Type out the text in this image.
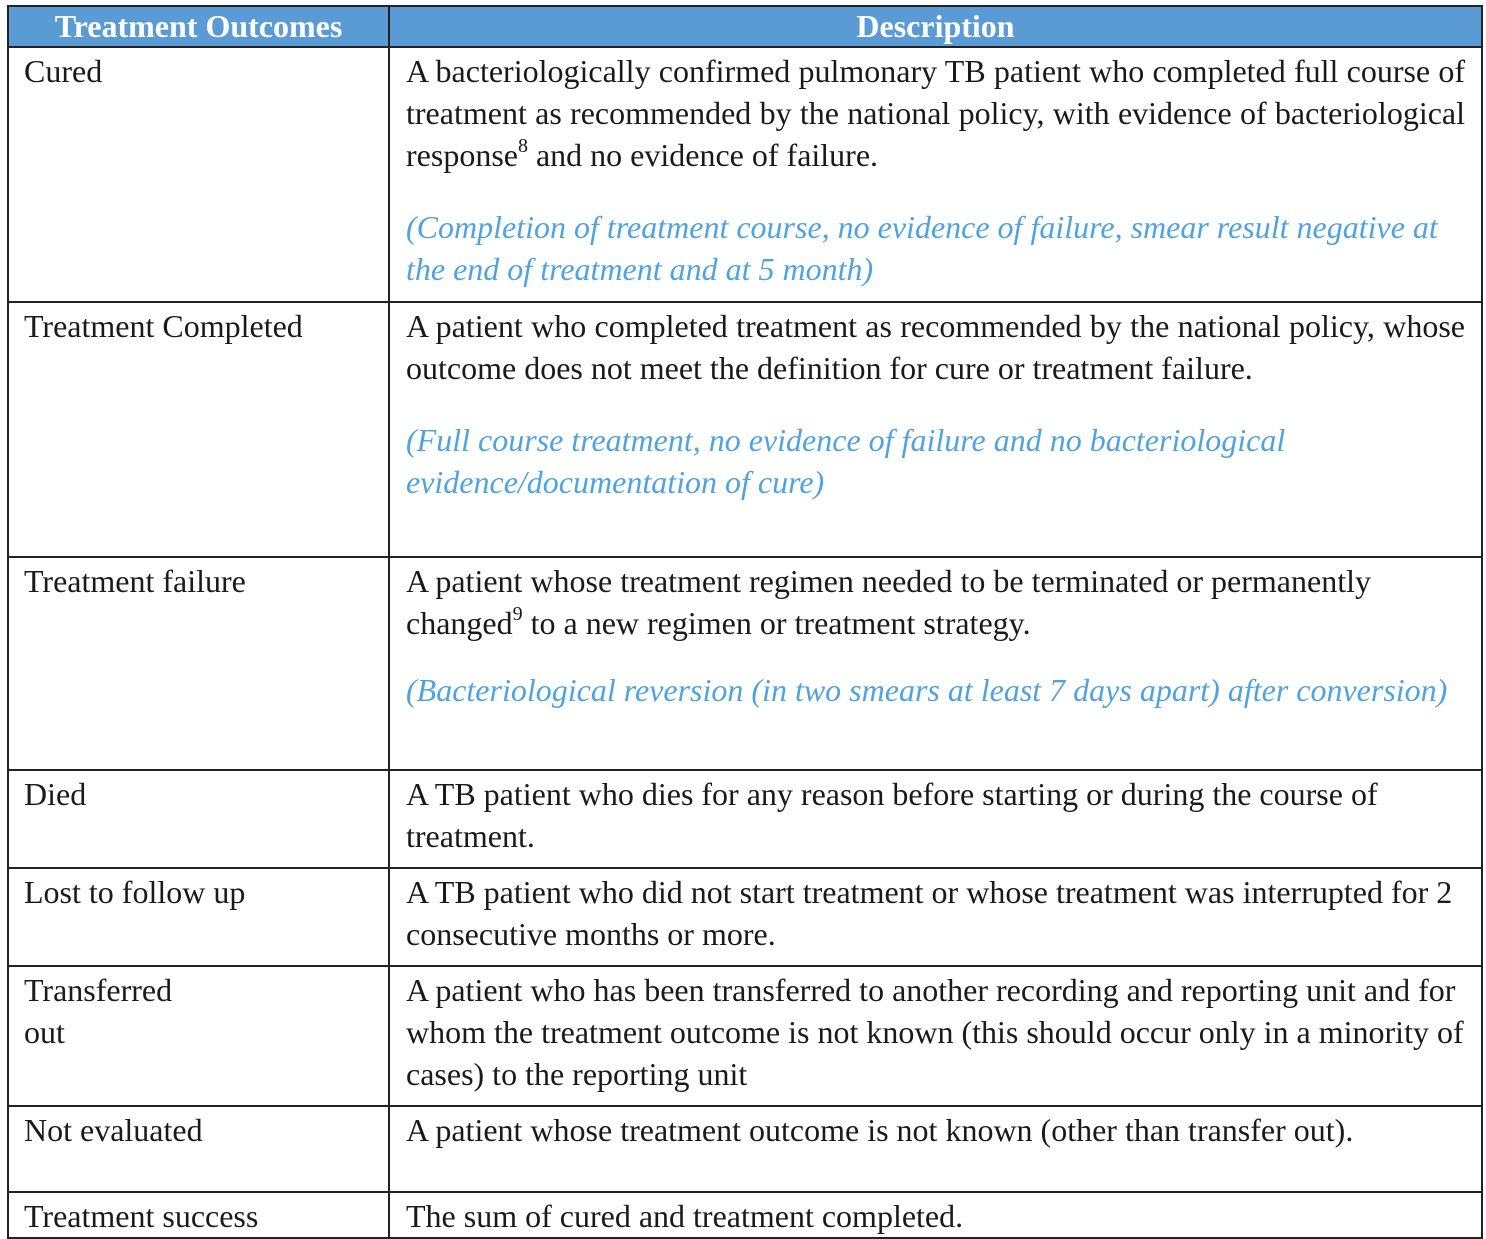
Treatment Outcomes	Description
Cured	A bacteriologically confirmed pulmonary TB patient who completed full course of treatment as recommended by the national policy, with evidence of bacteriological response$^8$ and no evidence of failure.
(Completion of treatment course, no evidence of failure, smear result negative at the end of treatment and at 5 month)

Treatment Completed	A patient who completed treatment as recommended by the national policy, whose outcome does not meet the definition for cure or treatment failure.
(Full course treatment, no evidence of failure and no bacteriological evidence/documentation of cure)

Treatment failure	A patient whose treatment regimen needed to be terminated or permanently changed$^9$ to a new regimen or treatment strategy.
(Bacteriological reversion (in two smears at least 7 days apart) after conversion)

Died	A TB patient who dies for any reason before starting or during the course of treatment.

Lost to follow up	A TB patient who did not start treatment or whose treatment was interrupted for 2 consecutive months or more.

Transferred out	A patient who has been transferred to another recording and reporting unit and for whom the treatment outcome is not known (this should occur only in a minority of cases) to the reporting unit

Not evaluated	A patient whose treatment outcome is not known (other than transfer out).

Treatment success	The sum of cured and treatment completed.
